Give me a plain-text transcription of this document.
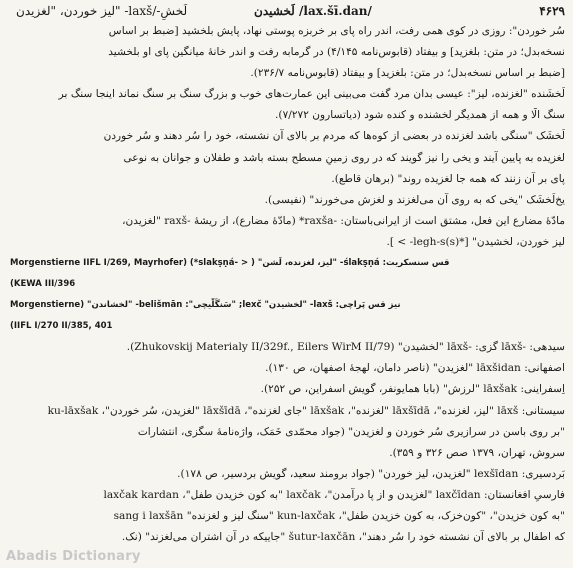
لیز خوردن، "لغزیدن" -laxš/-لَخشِ	لَخشیدن /lax.šī.dan/	۴۶۲۹
سُر خوردن": روزی در کوی همی رفت، اندر راه پای بر خربزه پوستی نهاد، پایش بلخشید [ضبط بر اساس
نسخه‌بدل؛ در متن: بلغزید] و بیفتاد (قابوس‌نامه ۴/۱۴۵) در گرمابه رفت و اندر خانهٔ میانگین پای او بلخشید
[ضبط بر اساس نسخه‌بدل؛ در متن: بلغزید] و بیفتاد (قابوس‌نامه ۲۳۶/۷).
لَخشَنده "لغزنده، لیز": عیسی بدان مرد گفت می‌بینی این عمارت‌های خوب و بزرگ سنگ بر سنگ نماند اینجا سنگ بر
سنگ الّا و همه از همدیگر لخشنده و کنده شود (دیاتسارون ۷/۲۷۲).
لَخشَک "سنگی باشد لغزنده در بعضی از کوه‌ها که مردم بر بالای آن نشسته، خود را سُر دهند و سُر خوردن
لغزیده به پایین آیند و یخی را نیز گویند که در روی زمینِ مسطح بسته باشد و طفلان و جوانان به نوعی
پای بر آن زنند که همه جا لغزیده روند" (برهان قاطع).
یخ‌لَخشَک "یخی که به روی آن می‌لغزند و لغزش می‌خورند" (نفیسی).
مادّهٔ مضارع این فعل، مشتق است از ایرانی‌باستان: -raxša* (مادّهٔ مضارع)، از ریشهٔ -raxš "لغزیدن،
لیز خوردن، لخشیدن" [*(s)legh-s- > ].
Morgenstierne IIFL I/269, Mayrhofer) (*slakṣṇá- > ) "لیز، لغزنده، لَشن" -ślakṣṇá :قس سنسکریت
(KEWA III/396
Morgenstierne) "لخشاندن" -belišmān :"سَنگَلّیچی" ;lexč "لخشیدن" -laxš :نیز قس پَراچی
(IIFL I/270 II/385, 401
سیدهی: -lāxš گزی: -lāxš "لخشیدن" (Zhukovskij Materialy II/329f., Eilers WirM II/79).
اصفهانی: lāxšidan "لغزیدن" (ناصر دامان، لهجهٔ اصفهان، ص ۱۳۰).
اِسفراینی: lāxšak "لرزش" (بابا همایونفر، گویش اسفراین، ص ۲۵۲).
سیستانی: lāxš "لیز، لغزنده"، lāxšīdā "لغزنده"، lāxšak "جای لغزنده"، lāxšīdā "لغزیدن، سُر خوردن"، ku-lāxšak
"بر روی باسن در سرازیری سُر خوردن و لغزیدن" (جواد محمّدی خَمَک، واژه‌نامهٔ سگزی، انتشارات
سروش، تهران، ۱۳۷۹ صص ۳۲۶ و ۳۵۹).
بَردسیری: lexšīdan "لغزیدن، لیز خوردن" (جواد برومند سعید، گویش بردسیر، ص ۱۷۸).
فارسیِ افغانستان: laxčīdan "لغزیدن و از پا درآمدن"، laxčak "به کون خزیدن طفل"، laxčak kardan
"به کون خزیدن"، "کون‌خزک، به کون خزیدن طفل"، kun-laxčak "سنگ لیز و لغزنده" sang i laxšān
که اطفال بر بالای آن نشسته خود را سُر دهند"، šutur-laxčān "جاییکه در آن اشتران می‌لغزند" (نک.
Abadis Dictionary
